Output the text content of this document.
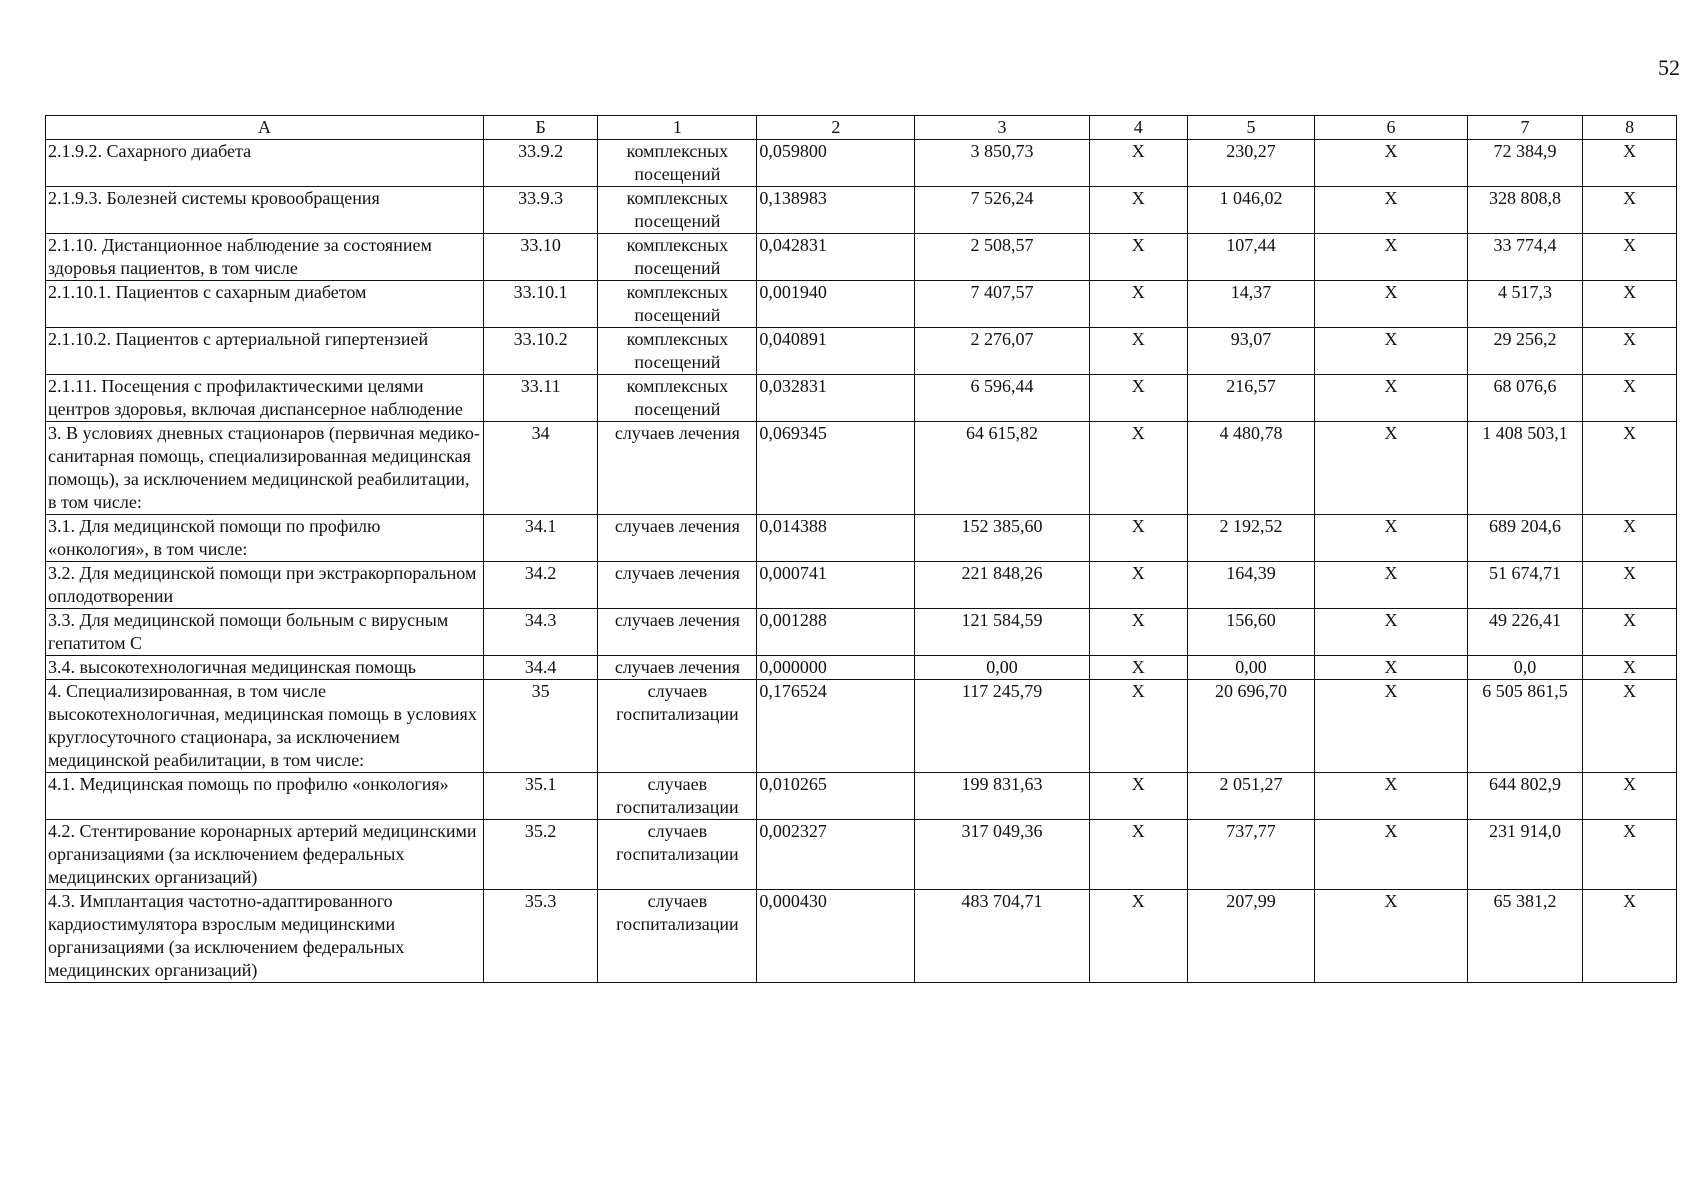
52
А	Б	1	2	3	4	5	6	7	8
2.1.9.2. Сахарного диабета	33.9.2	комплексных посещений	0,059800	3 850,73	X	230,27	X	72 384,9	X
2.1.9.3. Болезней системы кровообращения	33.9.3	комплексных посещений	0,138983	7 526,24	X	1 046,02	X	328 808,8	X
2.1.10. Дистанционное наблюдение за состоянием здоровья пациентов, в том числе	33.10	комплексных посещений	0,042831	2 508,57	X	107,44	X	33 774,4	X
2.1.10.1. Пациентов с сахарным диабетом	33.10.1	комплексных посещений	0,001940	7 407,57	X	14,37	X	4 517,3	X
2.1.10.2. Пациентов с артериальной гипертензией	33.10.2	комплексных посещений	0,040891	2 276,07	X	93,07	X	29 256,2	X
2.1.11. Посещения с профилактическими целями центров здоровья, включая диспансерное наблюдение	33.11	комплексных посещений	0,032831	6 596,44	X	216,57	X	68 076,6	X
3. В условиях дневных стационаров (первичная медико-санитарная помощь, специализированная медицинская помощь), за исключением медицинской реабилитации, в том числе:	34	случаев лечения	0,069345	64 615,82	X	4 480,78	X	1 408 503,1	X
3.1. Для медицинской помощи по профилю «онкология», в том числе:	34.1	случаев лечения	0,014388	152 385,60	X	2 192,52	X	689 204,6	X
3.2. Для медицинской помощи при экстракорпоральном оплодотворении	34.2	случаев лечения	0,000741	221 848,26	X	164,39	X	51 674,71	X
3.3. Для медицинской помощи больным с вирусным гепатитом С	34.3	случаев лечения	0,001288	121 584,59	X	156,60	X	49 226,41	X
3.4. высокотехнологичная медицинская помощь	34.4	случаев лечения	0,000000	0,00	X	0,00	X	0,0	X
4. Специализированная, в том числе высокотехнологичная, медицинская помощь в условиях круглосуточного стационара, за исключением медицинской реабилитации, в том числе:	35	случаев госпитализации	0,176524	117 245,79	X	20 696,70	X	6 505 861,5	X
4.1. Медицинская помощь по профилю «онкология»	35.1	случаев госпитализации	0,010265	199 831,63	X	2 051,27	X	644 802,9	X
4.2. Стентирование коронарных артерий медицинскими организациями (за исключением федеральных медицинских организаций)	35.2	случаев госпитализации	0,002327	317 049,36	X	737,77	X	231 914,0	X
4.3. Имплантация частотно-адаптированного кардиостимулятора взрослым медицинскими организациями (за исключением федеральных медицинских организаций)	35.3	случаев госпитализации	0,000430	483 704,71	X	207,99	X	65 381,2	X
